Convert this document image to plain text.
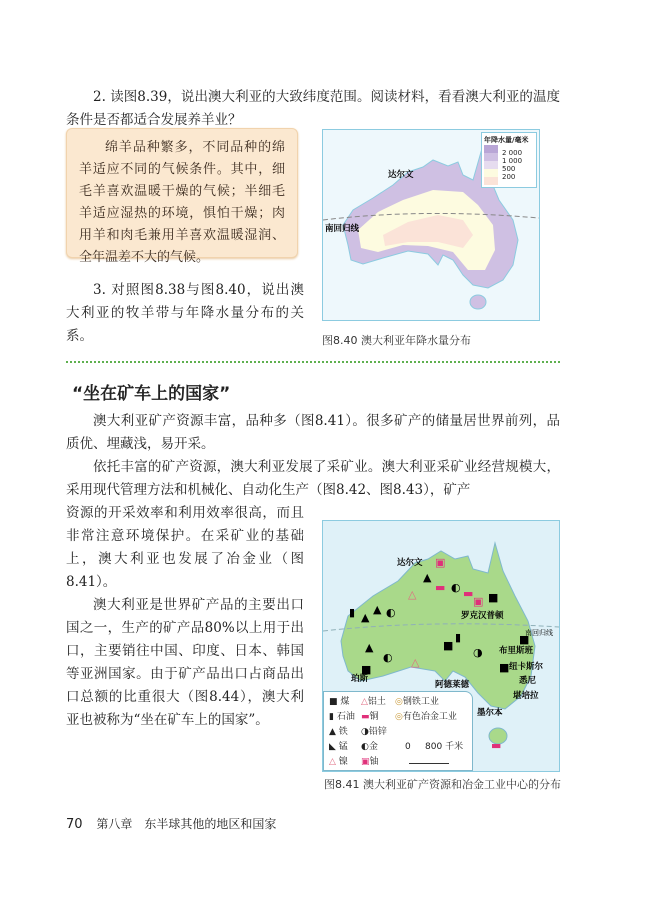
2. 读图8.39，说出澳大利亚的大致纬度范围。阅读材料，看看澳大利亚的温度条件是否都适合发展养羊业？

绵羊品种繁多，不同品种的绵羊适应不同的气候条件。其中，细毛羊喜欢温暖干燥的气候；半细毛羊适应湿热的环境，惧怕干燥；肉用羊和肉毛兼用羊喜欢温暖湿润、全年温差不大的气候。

3. 对照图8.38与图8.40，说出澳大利亚的牧羊带与年降水量分布的关系。

达尔文
南回归线
年降水量/毫米
2 000
1 000
500
200
图8.40 澳大利亚年降水量分布
“坐在矿车上的国家”

澳大利亚矿产资源丰富，品种多（图8.41）。很多矿产的储量居世界前列，品质优、埋藏浅，易开采。

依托丰富的矿产资源，澳大利亚发展了采矿业。澳大利亚采矿业经营规模大，采用现代管理方法和机械化、自动化生产（图8.42、图8.43），矿产

资源的开采效率和利用效率很高，而且非常注意环境保护。在采矿业的基础上，澳大利亚也发展了冶金业（图8.41）。

澳大利亚是世界矿产品的主要出口国之一，生产的矿产品80%以上用于出口，主要销往中国、印度、日本、韩国等亚洲国家。由于矿产品出口占商品出口总额的比重很大（图8.44），澳大利亚也被称为“坐在矿车上的国家”。

达尔文
罗克汉普顿
南回归线
布里斯班
珀斯
阿德莱德
纽卡斯尔
悉尼
堪培拉
墨尔本
▮ ▲
▲ ◐
■
▲
◐ △
△
▲
▬ ◐ ▬
▣
▣
■
■
■
■
▮
◑
▬
■ 煤	△铝土	◎钢铁工业
▮ 石油 ▬铜	◎有色冶金工业
▲ 铁	◑铅锌
◣ 锰	◐金	0 800 千米
△ 镍	▣铀
图8.41 澳大利亚矿产资源和冶金工业中心的分布
70 第八章　东半球其他的地区和国家
